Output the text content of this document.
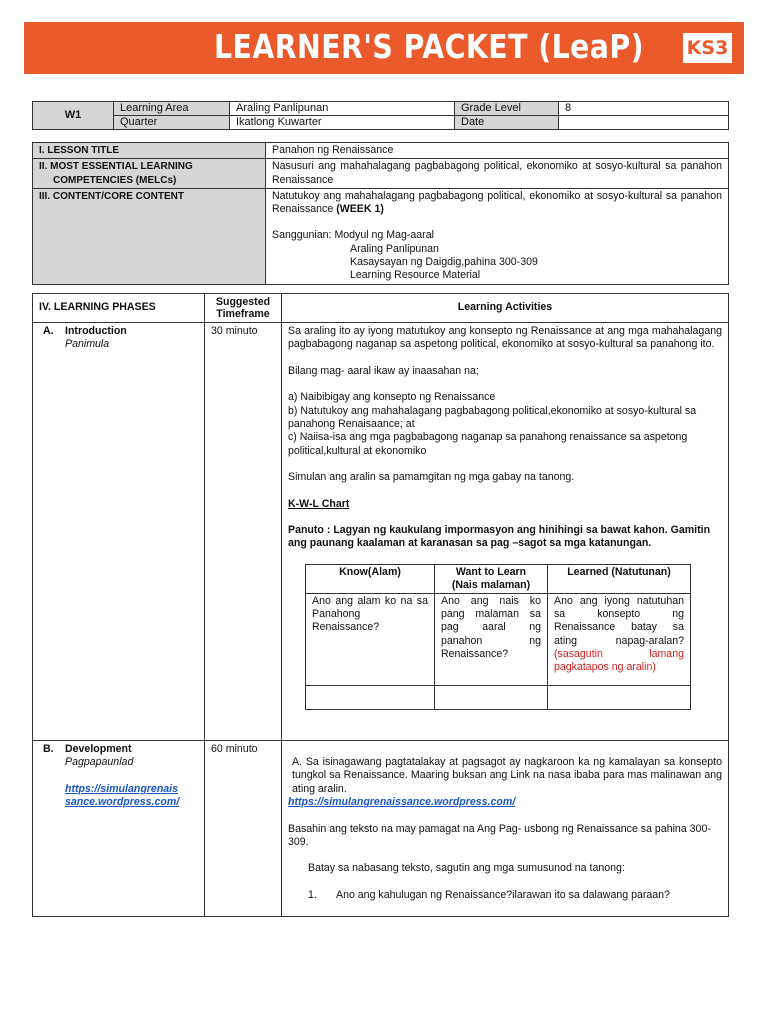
LEARNER'S PACKET (LeaP) KS3
W1	Learning Area	Araling Panlipunan	Grade Level	8
	Quarter	Ikatlong Kuwarter	Date	
I. LESSON TITLE	Panahon ng Renaissance

II. MOST ESSENTIAL LEARNING
COMPETENCIES (MELCs)	Nasusuri ang mahahalagang pagbabagong political, ekonomiko at sosyo-kultural sa panahon Renaissance
III. CONTENT/CORE CONTENT	Natutukoy ang mahahalagang pagbabagong political, ekonomiko at sosyo-kultural sa panahon Renaissance (WEEK 1)
Sanggunian: Modyul ng Mag-aaral
Araling Panlipunan
Kasaysayan ng Daigdig,pahina 300-309
Learning Resource Material
IV. LEARNING PHASES	Suggested Timeframe	Learning Activities

A.	Introduction
Panimula
	30 minuto	Sa araling ito ay iyong matutukoy ang konsepto ng Renaissance at ang mga mahahalagang pagbabagong naganap sa aspetong political, ekonomiko at sosyo-kultural sa panahong ito.
Bilang mag- aaral ikaw ay inaasahan na;
a) Naibibigay ang konsepto ng Renaissance
b) Natutukoy ang mahahalagang pagbabagong political,ekonomiko at sosyo-kultural sa panahong Renaisaance; at
c) Naiisa-isa ang mga pagbabagong naganap sa panahong renaissance sa aspetong political,kultural at ekonomiko
Simulan ang aralin sa pamamgitan ng mga gabay na tanong.
K-W-L Chart
Panuto : Lagyan ng kaukulang impormasyon ang hinihingi sa bawat kahon. Gamitin ang paunang kaalaman at karanasan sa pag –sagot sa mga katanungan.
Know(Alam)	Want to Learn
(Nais malaman)
	Learned (Natutunan)
Ano ang alam ko na sa Panahong Renaissance?	Ano ang nais ko pang malaman sa pag aaral ng panahon ng Renaissance?	Ano ang iyong natutuhan sa konsepto ng Renaissance batay sa ating napag-aralan? (sasagutin lamang pagkatapos ng aralin)

B.	Development
Pagpapaunlad
https://simulangrenaissance.wordpress.com/
	60 minuto	
A. Sa isinagawang pagtatalakay at pagsagot ay nagkaroon ka ng kamalayan sa konsepto tungkol sa Renaissance. Maaring buksan ang Link na nasa ibaba para mas malinawan ang ating aralin.
https://simulangrenaissance.wordpress.com/
Basahin ang teksto na may pamagat na Ang Pag- usbong ng Renaissance sa pahina 300- 309.
Batay sa nabasang teksto, sagutin ang mga sumusunod na tanong:
1.	Ano ang kahulugan ng Renaissance?ilarawan ito sa dalawang paraan?
